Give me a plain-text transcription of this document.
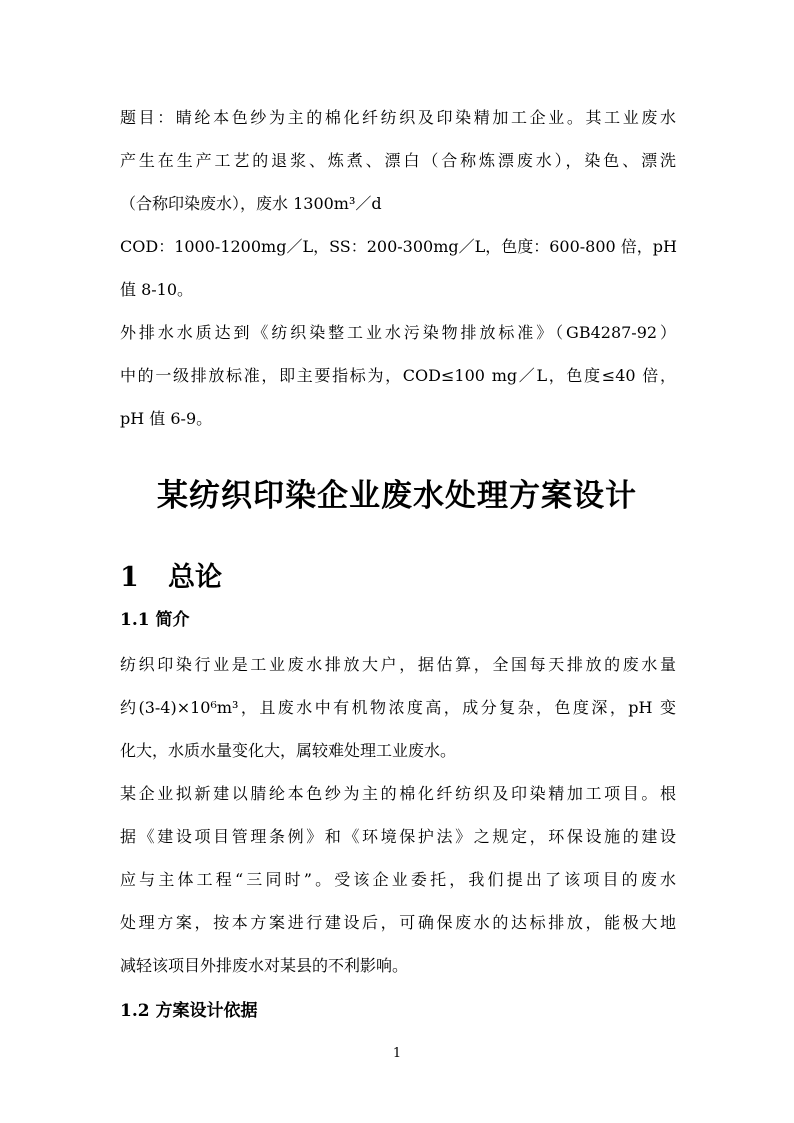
题目：睛纶本色纱为主的棉化纤纺织及印染精加工企业。其工业废水
产生在生产工艺的退浆、炼煮、漂白（合称炼漂废水），染色、漂洗
（合称印染废水），废水 1300m³／d
COD：1000-1200mg／L，SS：200-300mg／L，色度：600-800 倍，pH
值 8-10。
外排水水质达到《纺织染整工业水污染物排放标准》（GB4287-92）
中的一级排放标准，即主要指标为，COD≤100 mg／L，色度≤40 倍，
pH 值 6-9。
某纺织印染企业废水处理方案设计
1 总论
1.1 简介
纺织印染行业是工业废水排放大户，据估算，全国每天排放的废水量
约(3-4)×10⁶m³，且废水中有机物浓度高，成分复杂，色度深，pH 变
化大，水质水量变化大，属较难处理工业废水。
某企业拟新建以腈纶本色纱为主的棉化纤纺织及印染精加工项目。根
据《建设项目管理条例》和《环境保护法》之规定，环保设施的建设
应与主体工程“三同时”。受该企业委托，我们提出了该项目的废水
处理方案，按本方案进行建设后，可确保废水的达标排放，能极大地
减轻该项目外排废水对某县的不利影响。
1.2 方案设计依据
1
